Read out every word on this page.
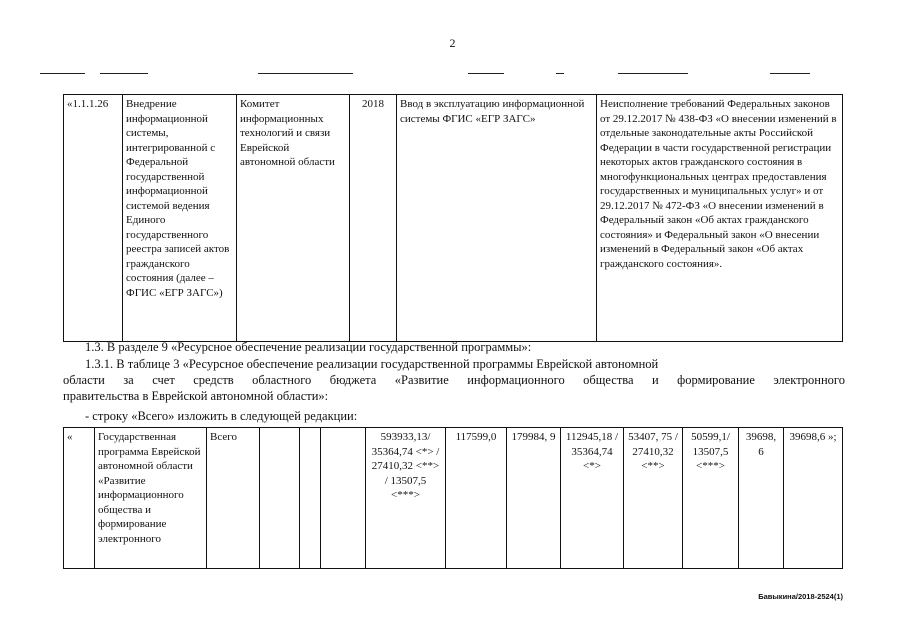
2
«1.1.1.26	Внедрение информационной системы, интегрированной с Федеральной государственной информационной системой ведения Единого государственного реестра записей актов гражданского состояния (далее – ФГИС «ЕГР ЗАГС»)	Комитет информационных технологий и связи Еврейской автономной области	2018	Ввод в эксплуатацию информационной системы ФГИС «ЕГР ЗАГС»	Неисполнение требований Федеральных законов от 29.12.2017 № 438-ФЗ «О внесении изменений в отдельные законодательные акты Российской Федерации в части государственной регистрации некоторых актов гражданского состояния в многофункциональных центрах предоставления государственных и муниципальных услуг» и от 29.12.2017 № 472-ФЗ «О внесении изменений в Федеральный закон «Об актах гражданского состояния» и Федеральный закон «О внесении изменений в Федеральный закон «Об актах гражданского состояния».
1.3. В разделе 9 «Ресурсное обеспечение реализации государственной программы»:
1.3.1. В таблице 3 «Ресурсное обеспечение реализации государственной программы Еврейской автономной
области за счет средств областного бюджета «Развитие информационного общества и формирование электронного
правительства в Еврейской автономной области»:
- строку «Всего» изложить в следующей редакции:
«	Государственная программа Еврейской автономной области «Развитие информационного общества и формирование электронного	Всего				593933,13/ 35364,74 <*> / 27410,32 <**> / 13507,5 <***>	117599,0	179984, 9	112945,18 / 35364,74 <*>	53407, 75 / 27410,32 <**>	50599,1/ 13507,5 <***>	39698, 6	39698,6 »;
Бавыкина/2018-2524(1)
